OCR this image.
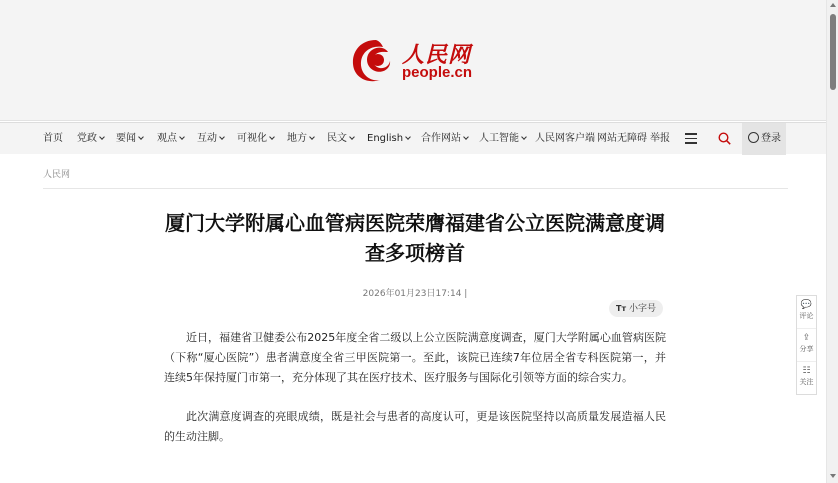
人民网
people.cn
首页 党政	要闻	观点	互动	可视化	地方	民文	English	合作网站	人工智能	人民网客户端 网站无障碍 举报	登录
人民网
厦门大学附属心血管病医院荣膺福建省公立医院满意度调查多项榜首
2026年01月23日17:14 |
Tт 小字号

近日，福建省卫健委公布2025年度全省二级以上公立医院满意度调查，厦门大学附属心血管病医院（下称“厦心医院”）患者满意度全省三甲医院第一。至此，该院已连续7年位居全省专科医院第一，并连续5年保持厦门市第一，充分体现了其在医疗技术、医疗服务与国际化引领等方面的综合实力。

此次满意度调查的亮眼成绩，既是社会与患者的高度认可，更是该医院坚持以高质量发展造福人民的生动注脚。

💬
评论
⇪
分享
☷
关注
